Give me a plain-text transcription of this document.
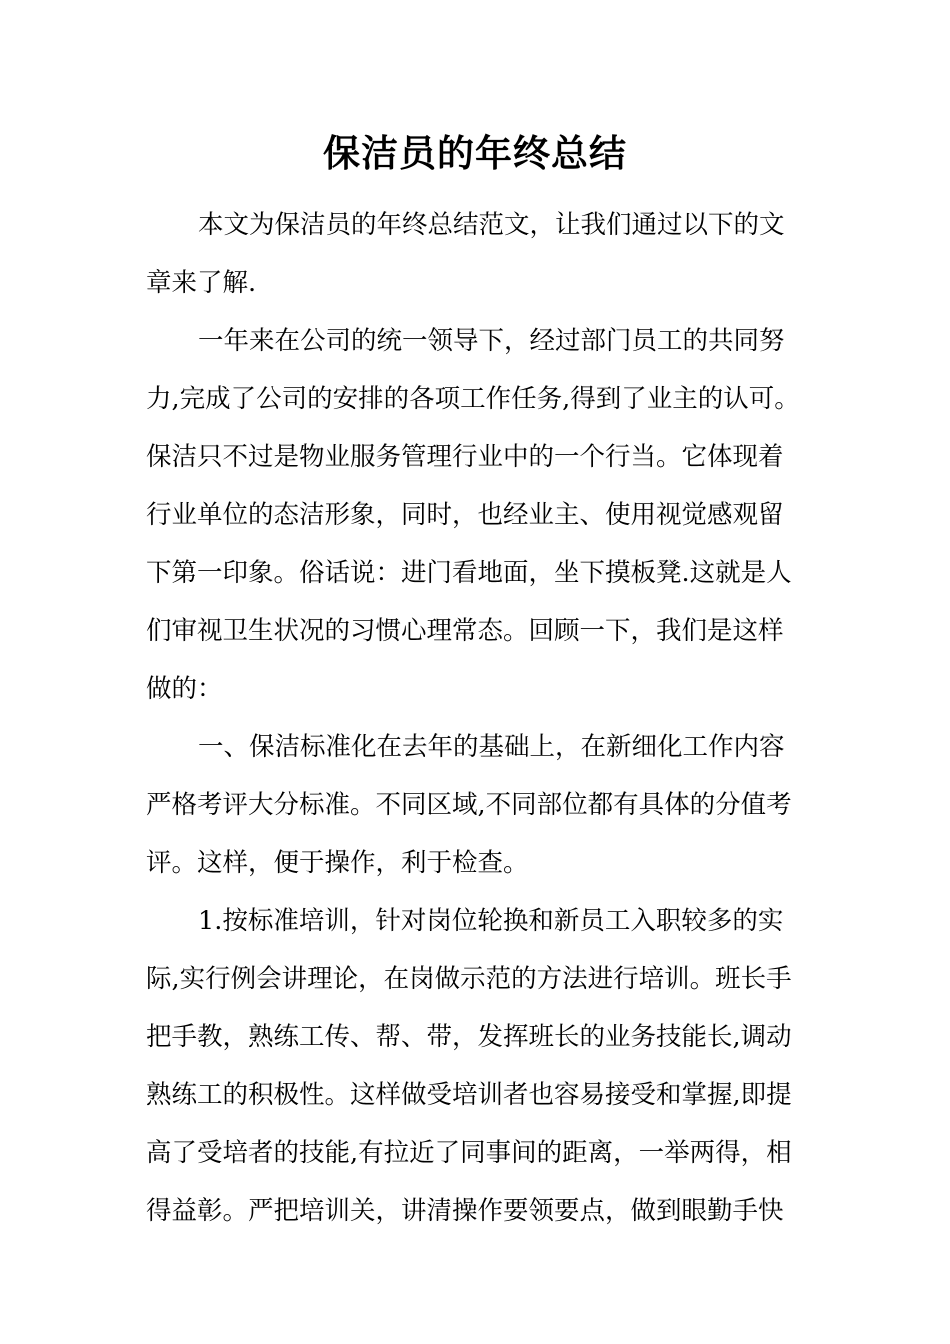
保洁员的年终总结
本文为保洁员的年终总结范文，让我们通过以下的文
章来了解.
一年来在公司的统一领导下，经过部门员工的共同努
力,完成了公司的安排的各项工作任务,得到了业主的认可。
保洁只不过是物业服务管理行业中的一个行当。它体现着
行业单位的态洁形象，同时，也经业主、使用视觉感观留
下第一印象。俗话说：进门看地面，坐下摸板凳.这就是人
们审视卫生状况的习惯心理常态。回顾一下，我们是这样
做的：
一、保洁标准化在去年的基础上，在新细化工作内容
严格考评大分标准。不同区域,不同部位都有具体的分值考
评。这样，便于操作，利于检查。
1.按标准培训，针对岗位轮换和新员工入职较多的实
际,实行例会讲理论，在岗做示范的方法进行培训。班长手
把手教，熟练工传、帮、带，发挥班长的业务技能长,调动
熟练工的积极性。这样做受培训者也容易接受和掌握,即提
高了受培者的技能,有拉近了同事间的距离，一举两得，相
得益彰。严把培训关，讲清操作要领要点，做到眼勤手快
